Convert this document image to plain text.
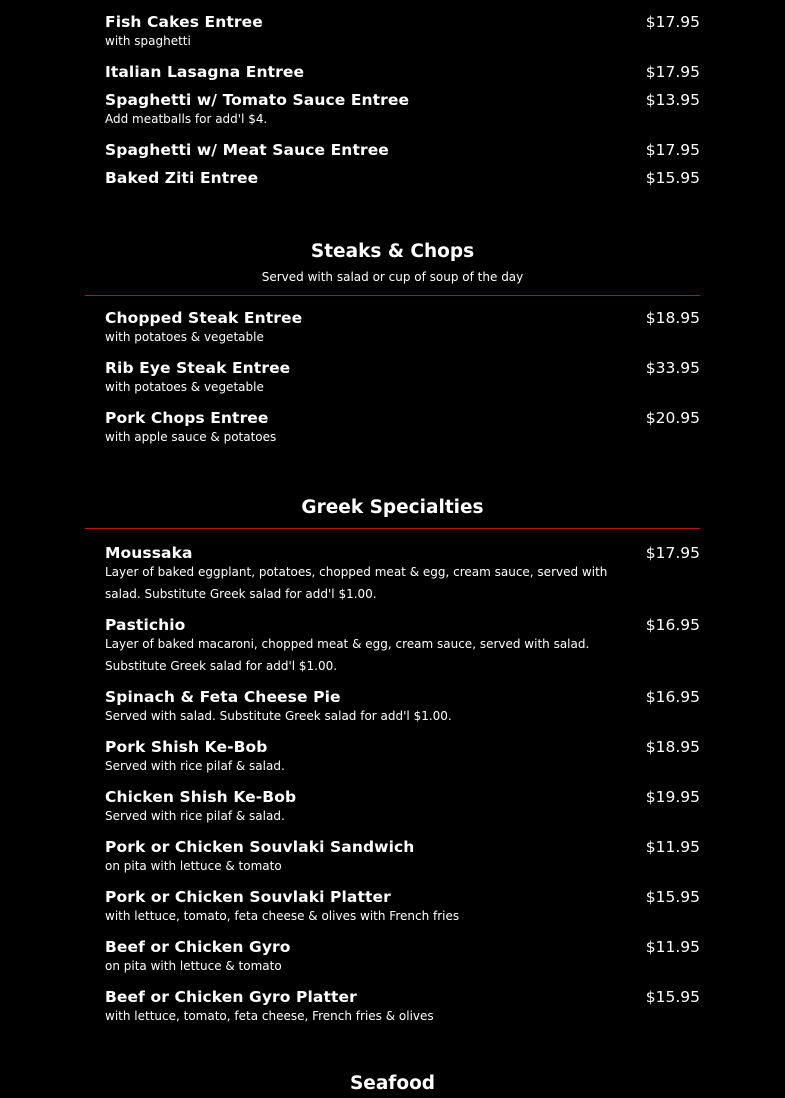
Fish Cakes Entree	$17.95
with spaghetti
Italian Lasagna Entree	$17.95
Spaghetti w/ Tomato Sauce Entree	$13.95
Add meatballs for add'l $4.
Spaghetti w/ Meat Sauce Entree	$17.95
Baked Ziti Entree	$15.95
Steaks & Chops
Served with salad or cup of soup of the day
Chopped Steak Entree	$18.95
with potatoes & vegetable
Rib Eye Steak Entree	$33.95
with potatoes & vegetable
Pork Chops Entree	$20.95
with apple sauce & potatoes
Greek Specialties
Moussaka	$17.95
Layer of baked eggplant, potatoes, chopped meat & egg, cream sauce, served with salad. Substitute Greek salad for add'l $1.00.
Pastichio	$16.95
Layer of baked macaroni, chopped meat & egg, cream sauce, served with salad. Substitute Greek salad for add'l $1.00.
Spinach & Feta Cheese Pie	$16.95
Served with salad. Substitute Greek salad for add'l $1.00.
Pork Shish Ke-Bob	$18.95
Served with rice pilaf & salad.
Chicken Shish Ke-Bob	$19.95
Served with rice pilaf & salad.
Pork or Chicken Souvlaki Sandwich	$11.95
on pita with lettuce & tomato
Pork or Chicken Souvlaki Platter	$15.95
with lettuce, tomato, feta cheese & olives with French fries
Beef or Chicken Gyro	$11.95
on pita with lettuce & tomato
Beef or Chicken Gyro Platter	$15.95
with lettuce, tomato, feta cheese, French fries & olives
Seafood
